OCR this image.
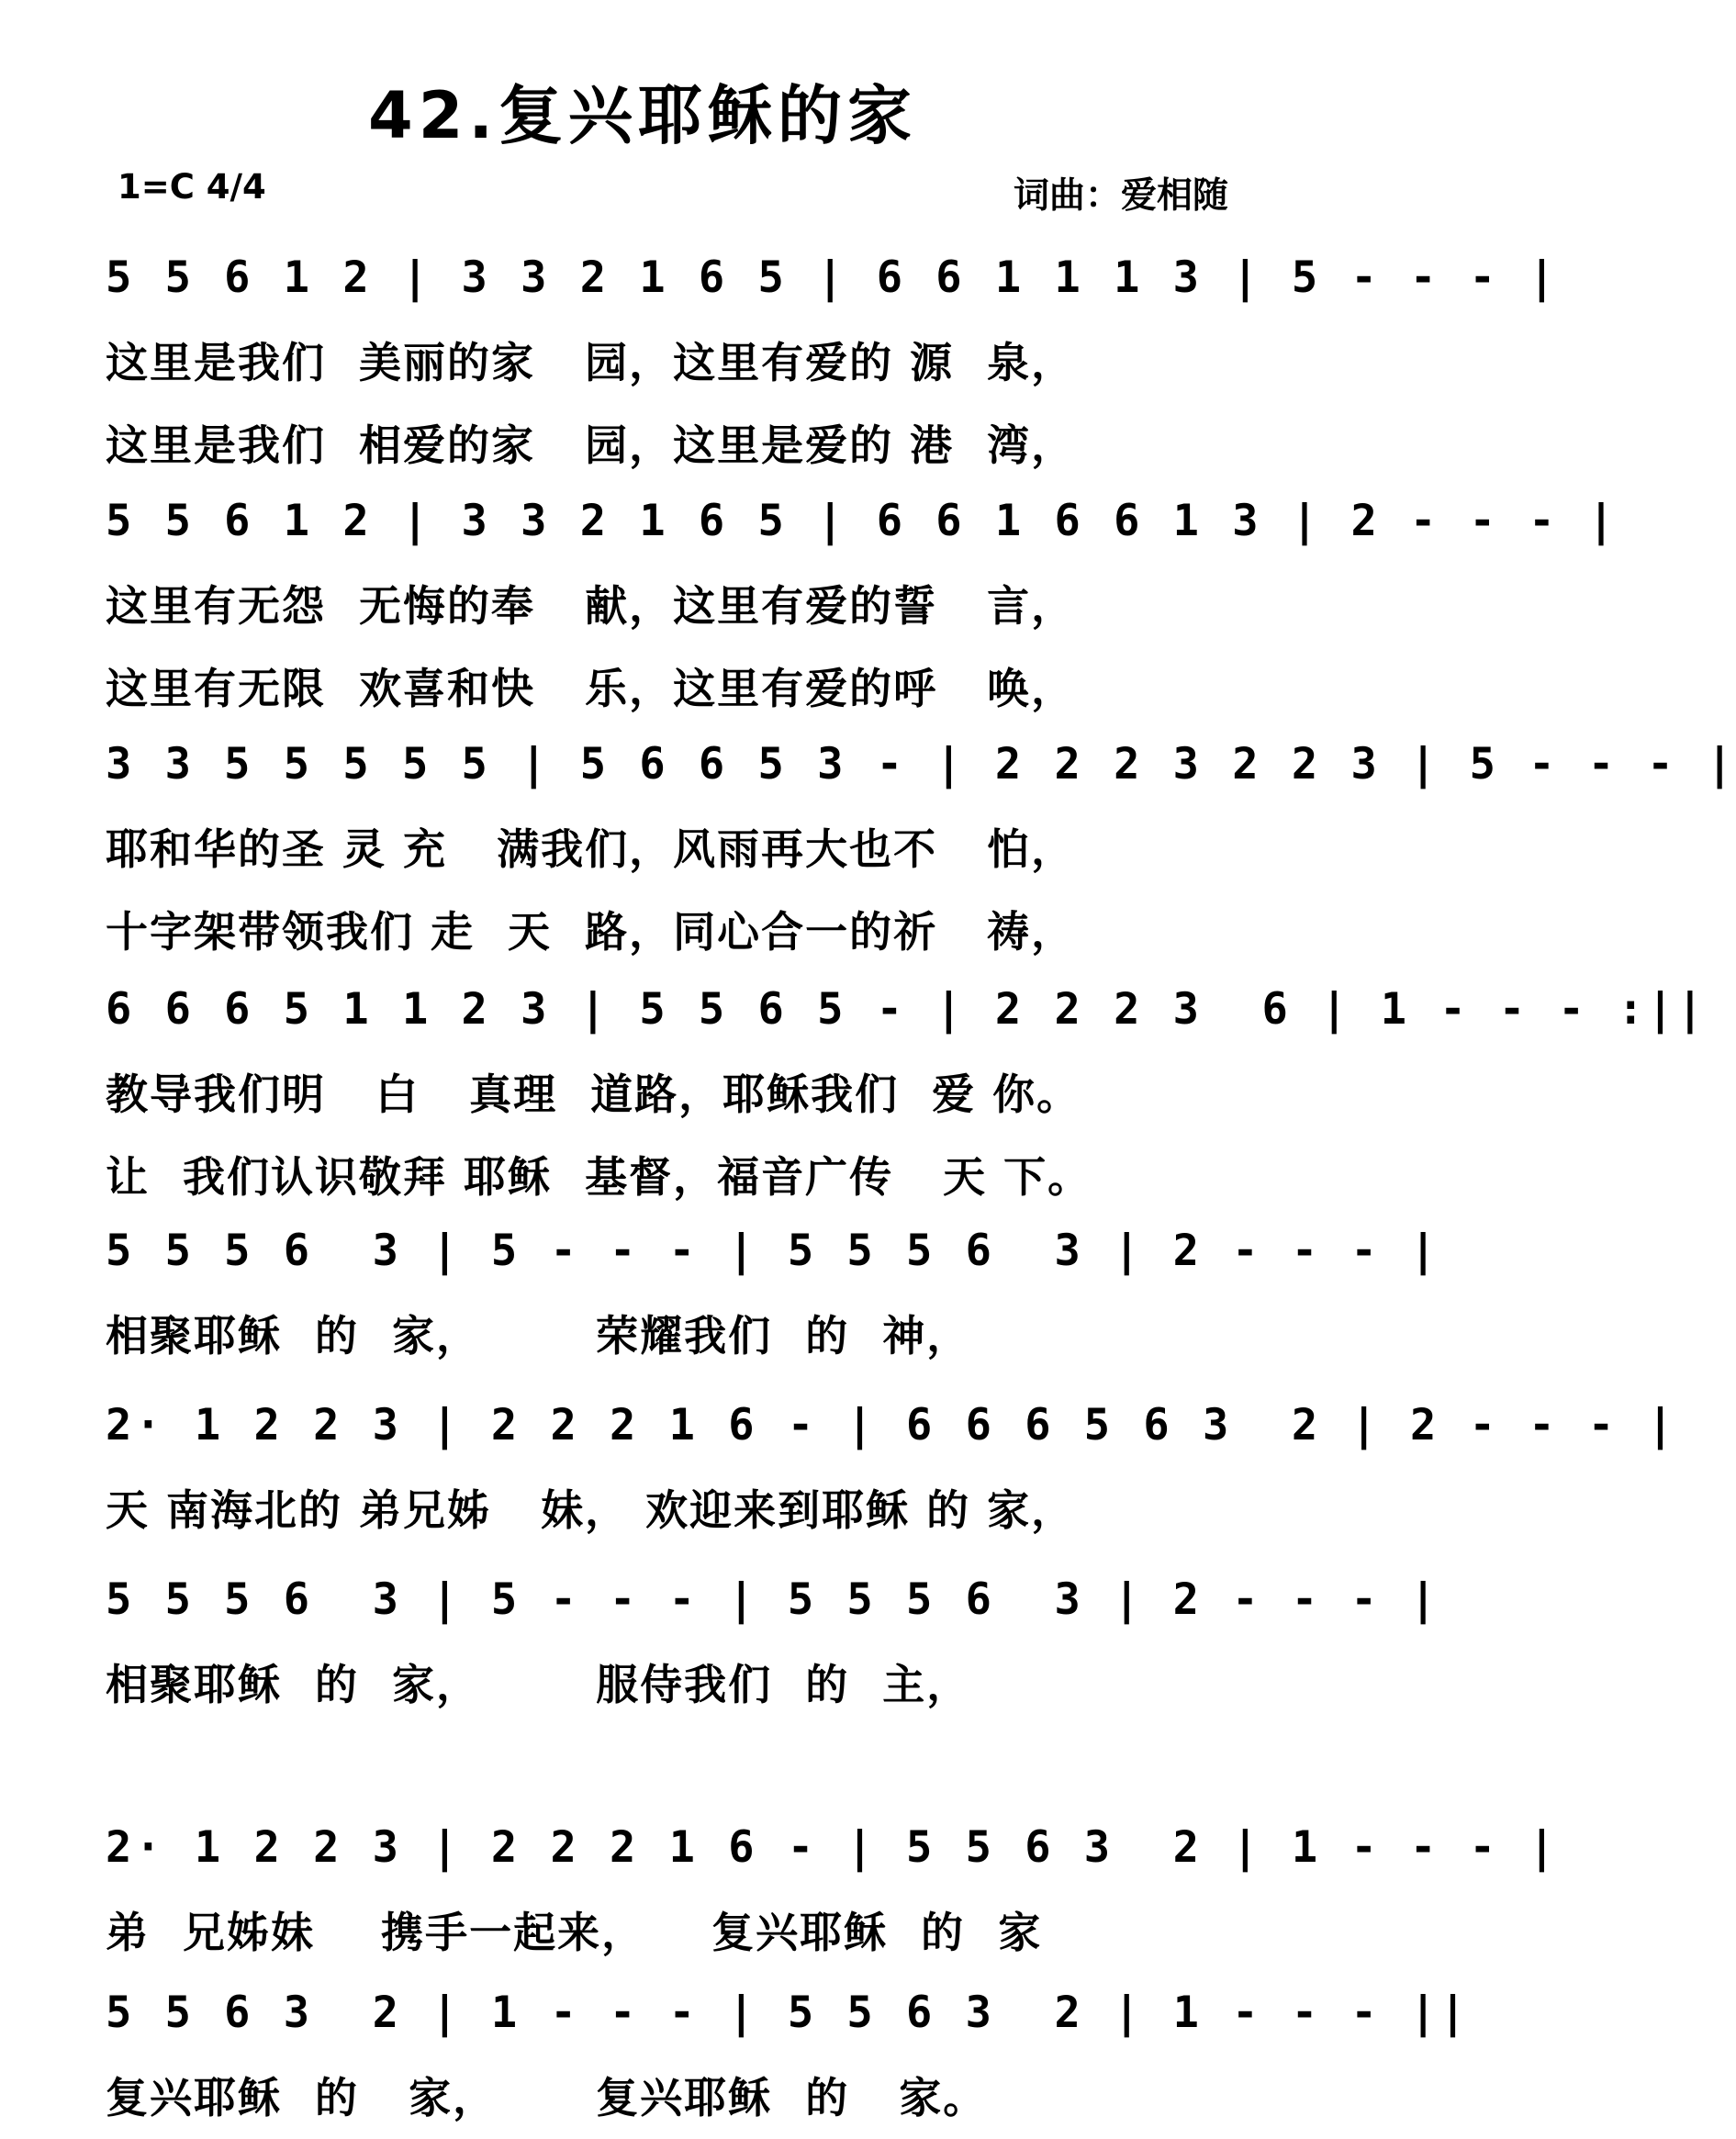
42.复兴耶稣的家
1=C 4/4	词曲：爱相随
5 5 6 1 2 | 3 3 2 1 6 5 | 6 6 1 1 1 3 | 5 - - - |
这里是我们  美丽的家   园，这里有爱的 源  泉，
这里是我们  相爱的家   园，这里是爱的 港  湾，
5 5 6 1 2 | 3 3 2 1 6 5 | 6 6 1 6 6 1 3 | 2 - - - |
这里有无怨  无悔的奉   献，这里有爱的誓   言，
这里有无限  欢喜和快   乐，这里有爱的呼   唤，
3 3 5 5 5 5 5 | 5 6 6 5 3 - | 2 2 2 3 2 2 3 | 5 - - - |
耶和华的圣 灵 充   满我们，风雨再大也不   怕，
十字架带领我们 走  天  路，同心合一的祈   祷，
6 6 6 5 1 1 2 3 | 5 5 6 5 - | 2 2 2 3  6 | 1 - - - :||
教导我们明   白   真理  道路，耶稣我们  爱 你。
让  我们认识敬拜 耶稣  基督，福音广传   天 下。
5 5 5 6  3 | 5 - - - | 5 5 5 6  3 | 2 - - - |
相聚耶稣  的  家，       荣耀我们  的  神，
2· 1 2 2 3 | 2 2 2 1 6 - | 6 6 6 5 6 3  2 | 2 - - - |
天 南海北的 弟兄姊   妹， 欢迎来到耶稣 的 家，
5 5 5 6  3 | 5 - - - | 5 5 5 6  3 | 2 - - - |
相聚耶稣  的  家，       服侍我们  的  主，
2· 1 2 2 3 | 2 2 2 1 6 - | 5 5 6 3  2 | 1 - - - |
弟  兄姊妹    携手一起来，    复兴耶稣  的  家
5 5 6 3  2 | 1 - - - | 5 5 6 3  2 | 1 - - - ||
复兴耶稣  的   家，      复兴耶稣  的   家。
